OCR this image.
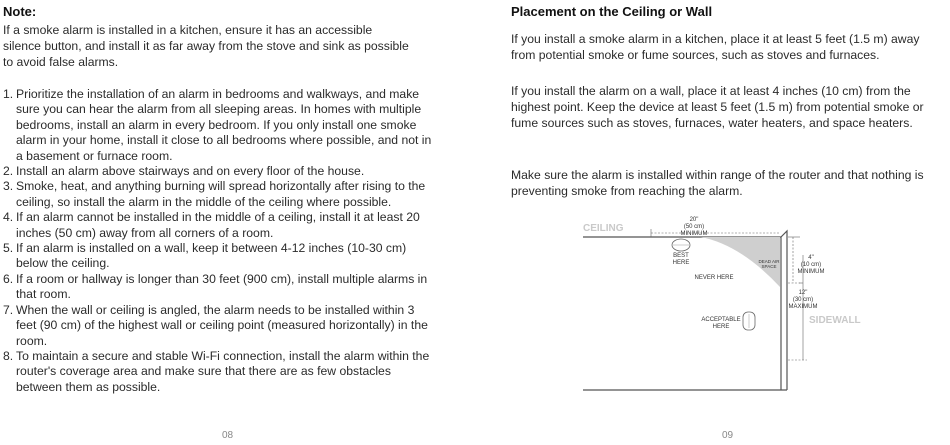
Note:

If a smoke alarm is installed in a kitchen, ensure it has an accessible silence button, and install it as far away from the stove and sink as possible to avoid false alarms.

1. Prioritize the installation of an alarm in bedrooms and walkways, and make sure you can hear the alarm from all sleeping areas. In homes with multiple bedrooms, install an alarm in every bedroom. If you only install one smoke alarm in your home, install it close to all bedrooms where possible, and not in a basement or furnace room.
2. Install an alarm above stairways and on every floor of the house.
3. Smoke, heat, and anything burning will spread horizontally after rising to the ceiling, so install the alarm in the middle of the ceiling where possible.
4. If an alarm cannot be installed in the middle of a ceiling, install it at least 20 inches (50 cm) away from all corners of a room.
5. If an alarm is installed on a wall, keep it between 4-12 inches (10-30 cm) below the ceiling.
6. If a room or hallway is longer than 30 feet (900 cm), install multiple alarms in that room.
7. When the wall or ceiling is angled, the alarm needs to be installed within 3 feet (90 cm) of the highest wall or ceiling point (measured horizontally) in the room.
8. To maintain a secure and stable Wi-Fi connection, install the alarm within the router's coverage area and make sure that there are as few obstacles between them as possible.
08
Placement on the Ceiling or Wall

If you install a smoke alarm in a kitchen, place it at least 5 feet (1.5 m) away from potential smoke or fume sources, such as stoves and furnaces.

If you install the alarm on a wall, place it at least 4 inches (10 cm) from the highest point. Keep the device at least 5 feet (1.5 m) from potential smoke or fume sources such as stoves, furnaces, water heaters, and space heaters.

Make sure the alarm is installed within range of the router and that nothing is preventing smoke from reaching the alarm.

CEILING
SIDEWALL
20"
(50 cm)
MINIMUM
DEAD AIR
SPACE
4"
(10 cm)
MINIMUM
12"
(30 cm)
MAXIMUM
BEST
HERE
NEVER HERE
ACCEPTABLE
HERE
09
